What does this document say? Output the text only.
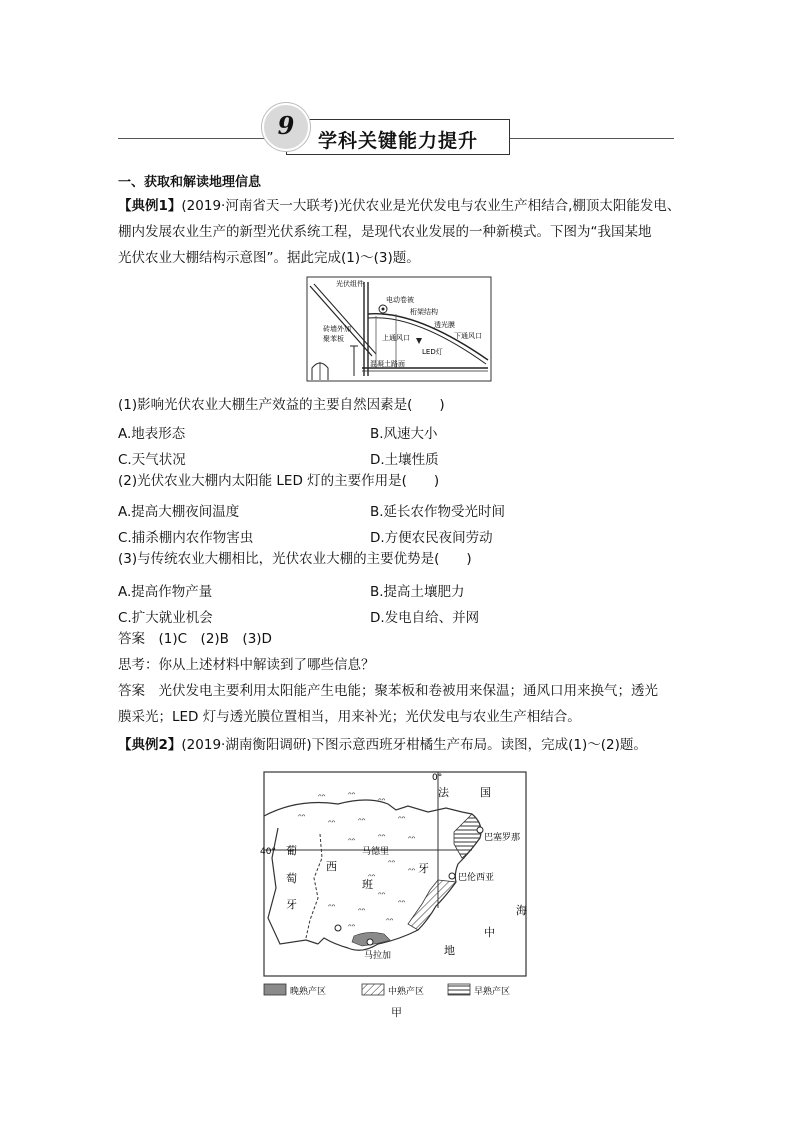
学科关键能力提升
9
一、获取和解读地理信息
【典例1】(2019·河南省天一大联考)光伏农业是光伏发电与农业生产相结合,棚顶太阳能发电、
棚内发展农业生产的新型光伏系统工程，是现代农业发展的一种新模式。下图为“我国某地
光伏农业大棚结构示意图”。据此完成(1)～(3)题。
光伏组件
电动卷被
桁架结构
透光膜
上通风口	下通风口
LED灯
砖墙外加
聚苯板
混凝土路面
(1)影响光伏农业大棚生产效益的主要自然因素是(　　)
A.地表形态	B.风速大小
C.天气状况	D.土壤性质
(2)光伏农业大棚内太阳能 LED 灯的主要作用是(　　)
A.提高大棚夜间温度	B.延长农作物受光时间
C.捕杀棚内农作物害虫	D.方便农民夜间劳动
(3)与传统农业大棚相比，光伏农业大棚的主要优势是(　　)
A.提高作物产量	B.提高土壤肥力
C.扩大就业机会	D.发电自给、并网
答案　 (1)C　(2)B　(3)D
思考：你从上述材料中解读到了哪些信息？
答案　 光伏发电主要利用太阳能产生电能；聚苯板和卷被用来保温；通风口用来换气；透光
膜采光；LED 灯与透光膜位置相当，用来补光；光伏发电与农业生产相结合。
【典例2】(2019·湖南衡阳调研)下图示意西班牙柑橘生产布局。读图，完成(1)～(2)题。
ᴖᴖ	ᴖᴖ
ᴖᴖ
ᴖᴖ
ᴖᴖ	ᴖᴖ	ᴖᴖ
ᴖᴖ	ᴖᴖ
ᴖᴖ
ᴖᴖ
ᴖᴖ
ᴖᴖ
ᴖᴖ
ᴖᴖ
ᴖᴖ
ᴖᴖ
ᴖᴖ
ᴖᴖ
0°
40°
法	国
葡
萄
牙
西
班
牙
马德里
巴塞罗那
巴伦西亚
马拉加
海
中
地
晚熟产区	中熟产区	早熟产区
甲
